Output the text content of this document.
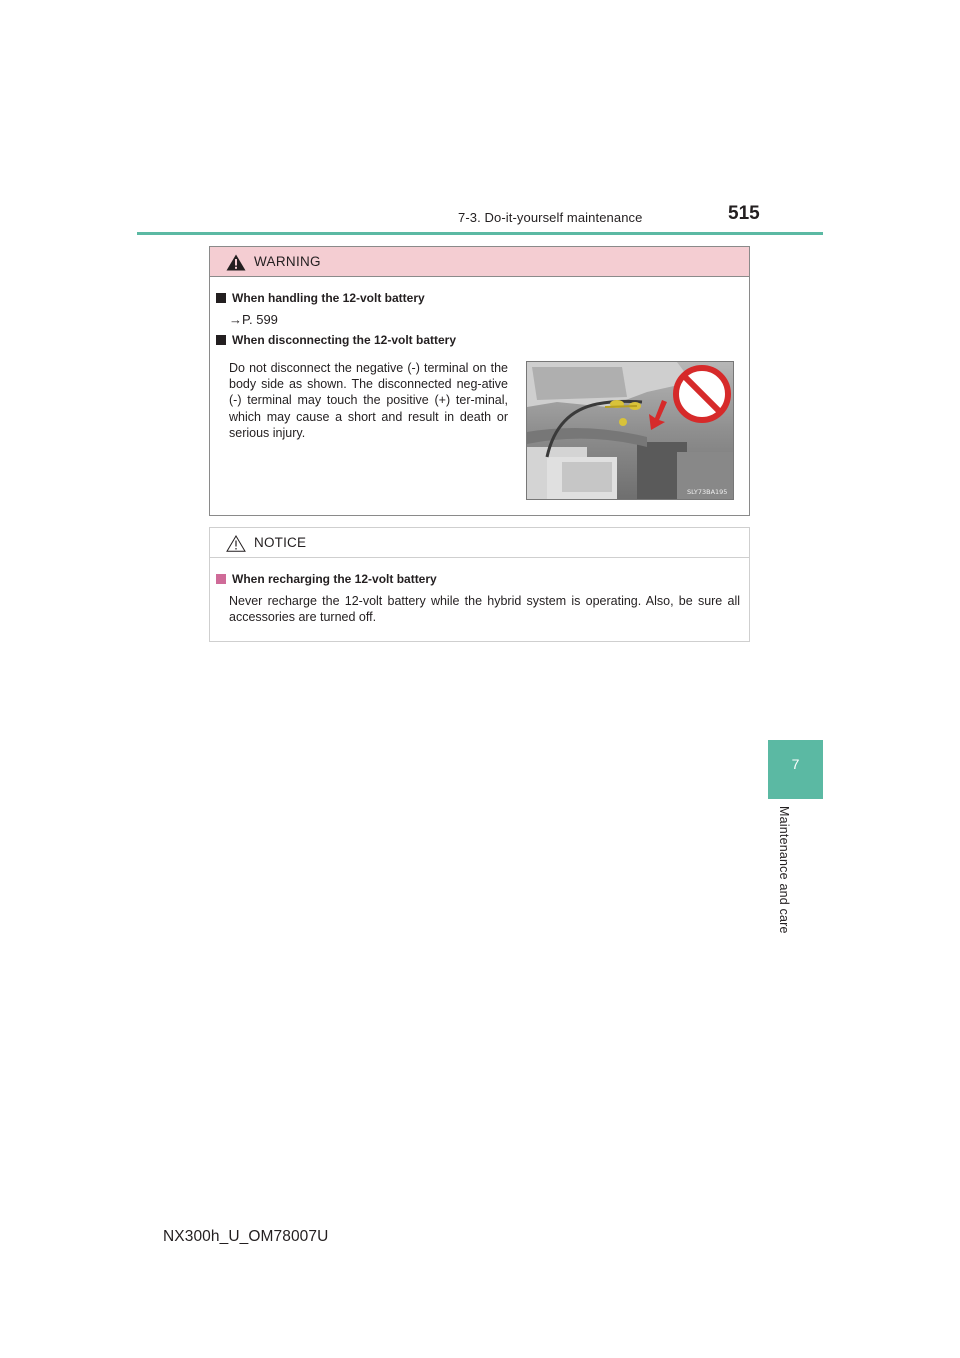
7-3. Do-it-yourself maintenance	515
7
Maintenance and care
WARNING
When handling the 12-volt battery
→P. 599
When disconnecting the 12-volt battery
Do not disconnect the negative (-) terminal on the body side as shown. The disconnected neg-ative (-) terminal may touch the positive (+) ter-minal, which may cause a short and result in death or serious injury.
SLY73BA195
NOTICE
When recharging the 12-volt battery
Never recharge the 12-volt battery while the hybrid system is operating. Also, be sure all accessories are turned off.
NX300h_U_OM78007U
